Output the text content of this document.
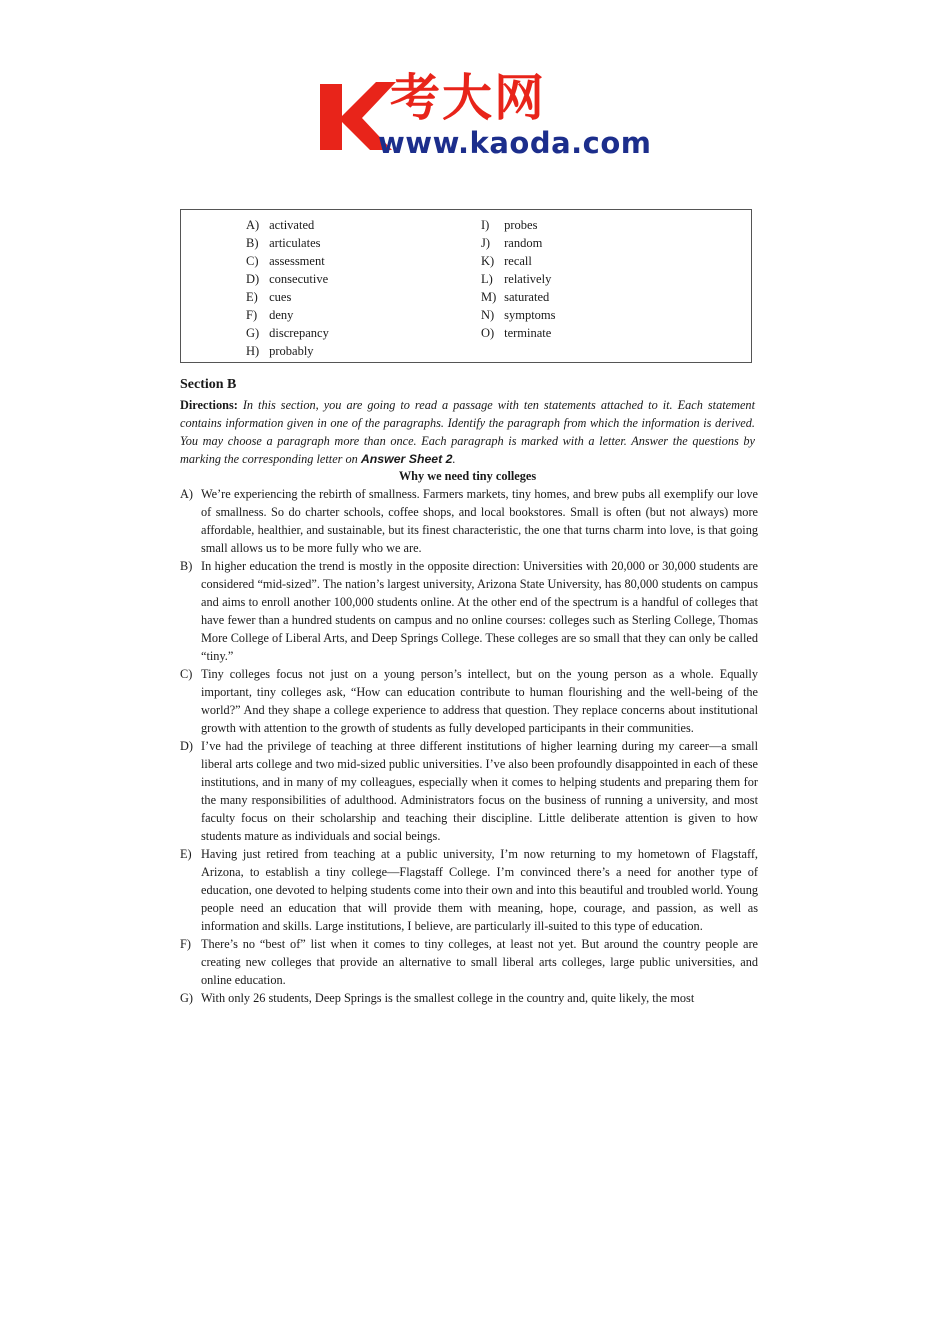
考大网
www.kaoda.com
A) activated
B) articulates
C) assessment
D) consecutive
E) cues
F) deny
G) discrepancy
H) probably
I) probes
J) random
K) recall
L) relatively
M) saturated
N) symptoms
O) terminate
Section B
Directions: In this section, you are going to read a passage with ten statements attached to it. Each statement contains information given in one of the paragraphs. Identify the paragraph from which the information is derived. You may choose a paragraph more than once. Each paragraph is marked with a letter. Answer the questions by marking the corresponding letter on Answer Sheet 2.
Why we need tiny colleges
A) We’re experiencing the rebirth of smallness. Farmers markets, tiny homes, and brew pubs all exemplify our love of smallness. So do charter schools, coffee shops, and local bookstores. Small is often (but not always) more affordable, healthier, and sustainable, but its finest characteristic, the one that turns charm into love, is that going small allows us to be more fully who we are.
B) In higher education the trend is mostly in the opposite direction: Universities with 20,000 or 30,000 students are considered “mid-sized”. The nation’s largest university, Arizona State University, has 80,000 students on campus and aims to enroll another 100,000 students online. At the other end of the spectrum is a handful of colleges that have fewer than a hundred students on campus and no online courses: colleges such as Sterling College, Thomas More College of Liberal Arts, and Deep Springs College. These colleges are so small that they can only be called “tiny.”
C) Tiny colleges focus not just on a young person’s intellect, but on the young person as a whole. Equally important, tiny colleges ask, “How can education contribute to human flourishing and the well-being of the world?” And they shape a college experience to address that question. They replace concerns about institutional growth with attention to the growth of students as fully developed participants in their communities.
D) I’ve had the privilege of teaching at three different institutions of higher learning during my career—a small liberal arts college and two mid-sized public universities. I’ve also been profoundly disappointed in each of these institutions, and in many of my colleagues, especially when it comes to helping students and preparing them for the many responsibilities of adulthood. Administrators focus on the business of running a university, and most faculty focus on their scholarship and teaching their discipline. Little deliberate attention is given to how students mature as individuals and social beings.
E) Having just retired from teaching at a public university, I’m now returning to my hometown of Flagstaff, Arizona, to establish a tiny college—Flagstaff College. I’m convinced there’s a need for another type of education, one devoted to helping students come into their own and into this beautiful and troubled world. Young people need an education that will provide them with meaning, hope, courage, and passion, as well as information and skills. Large institutions, I believe, are particularly ill-suited to this type of education.
F) There’s no “best of” list when it comes to tiny colleges, at least not yet. But around the country people are creating new colleges that provide an alternative to small liberal arts colleges, large public universities, and online education.
G) With only 26 students, Deep Springs is the smallest college in the country and, quite likely, the most
